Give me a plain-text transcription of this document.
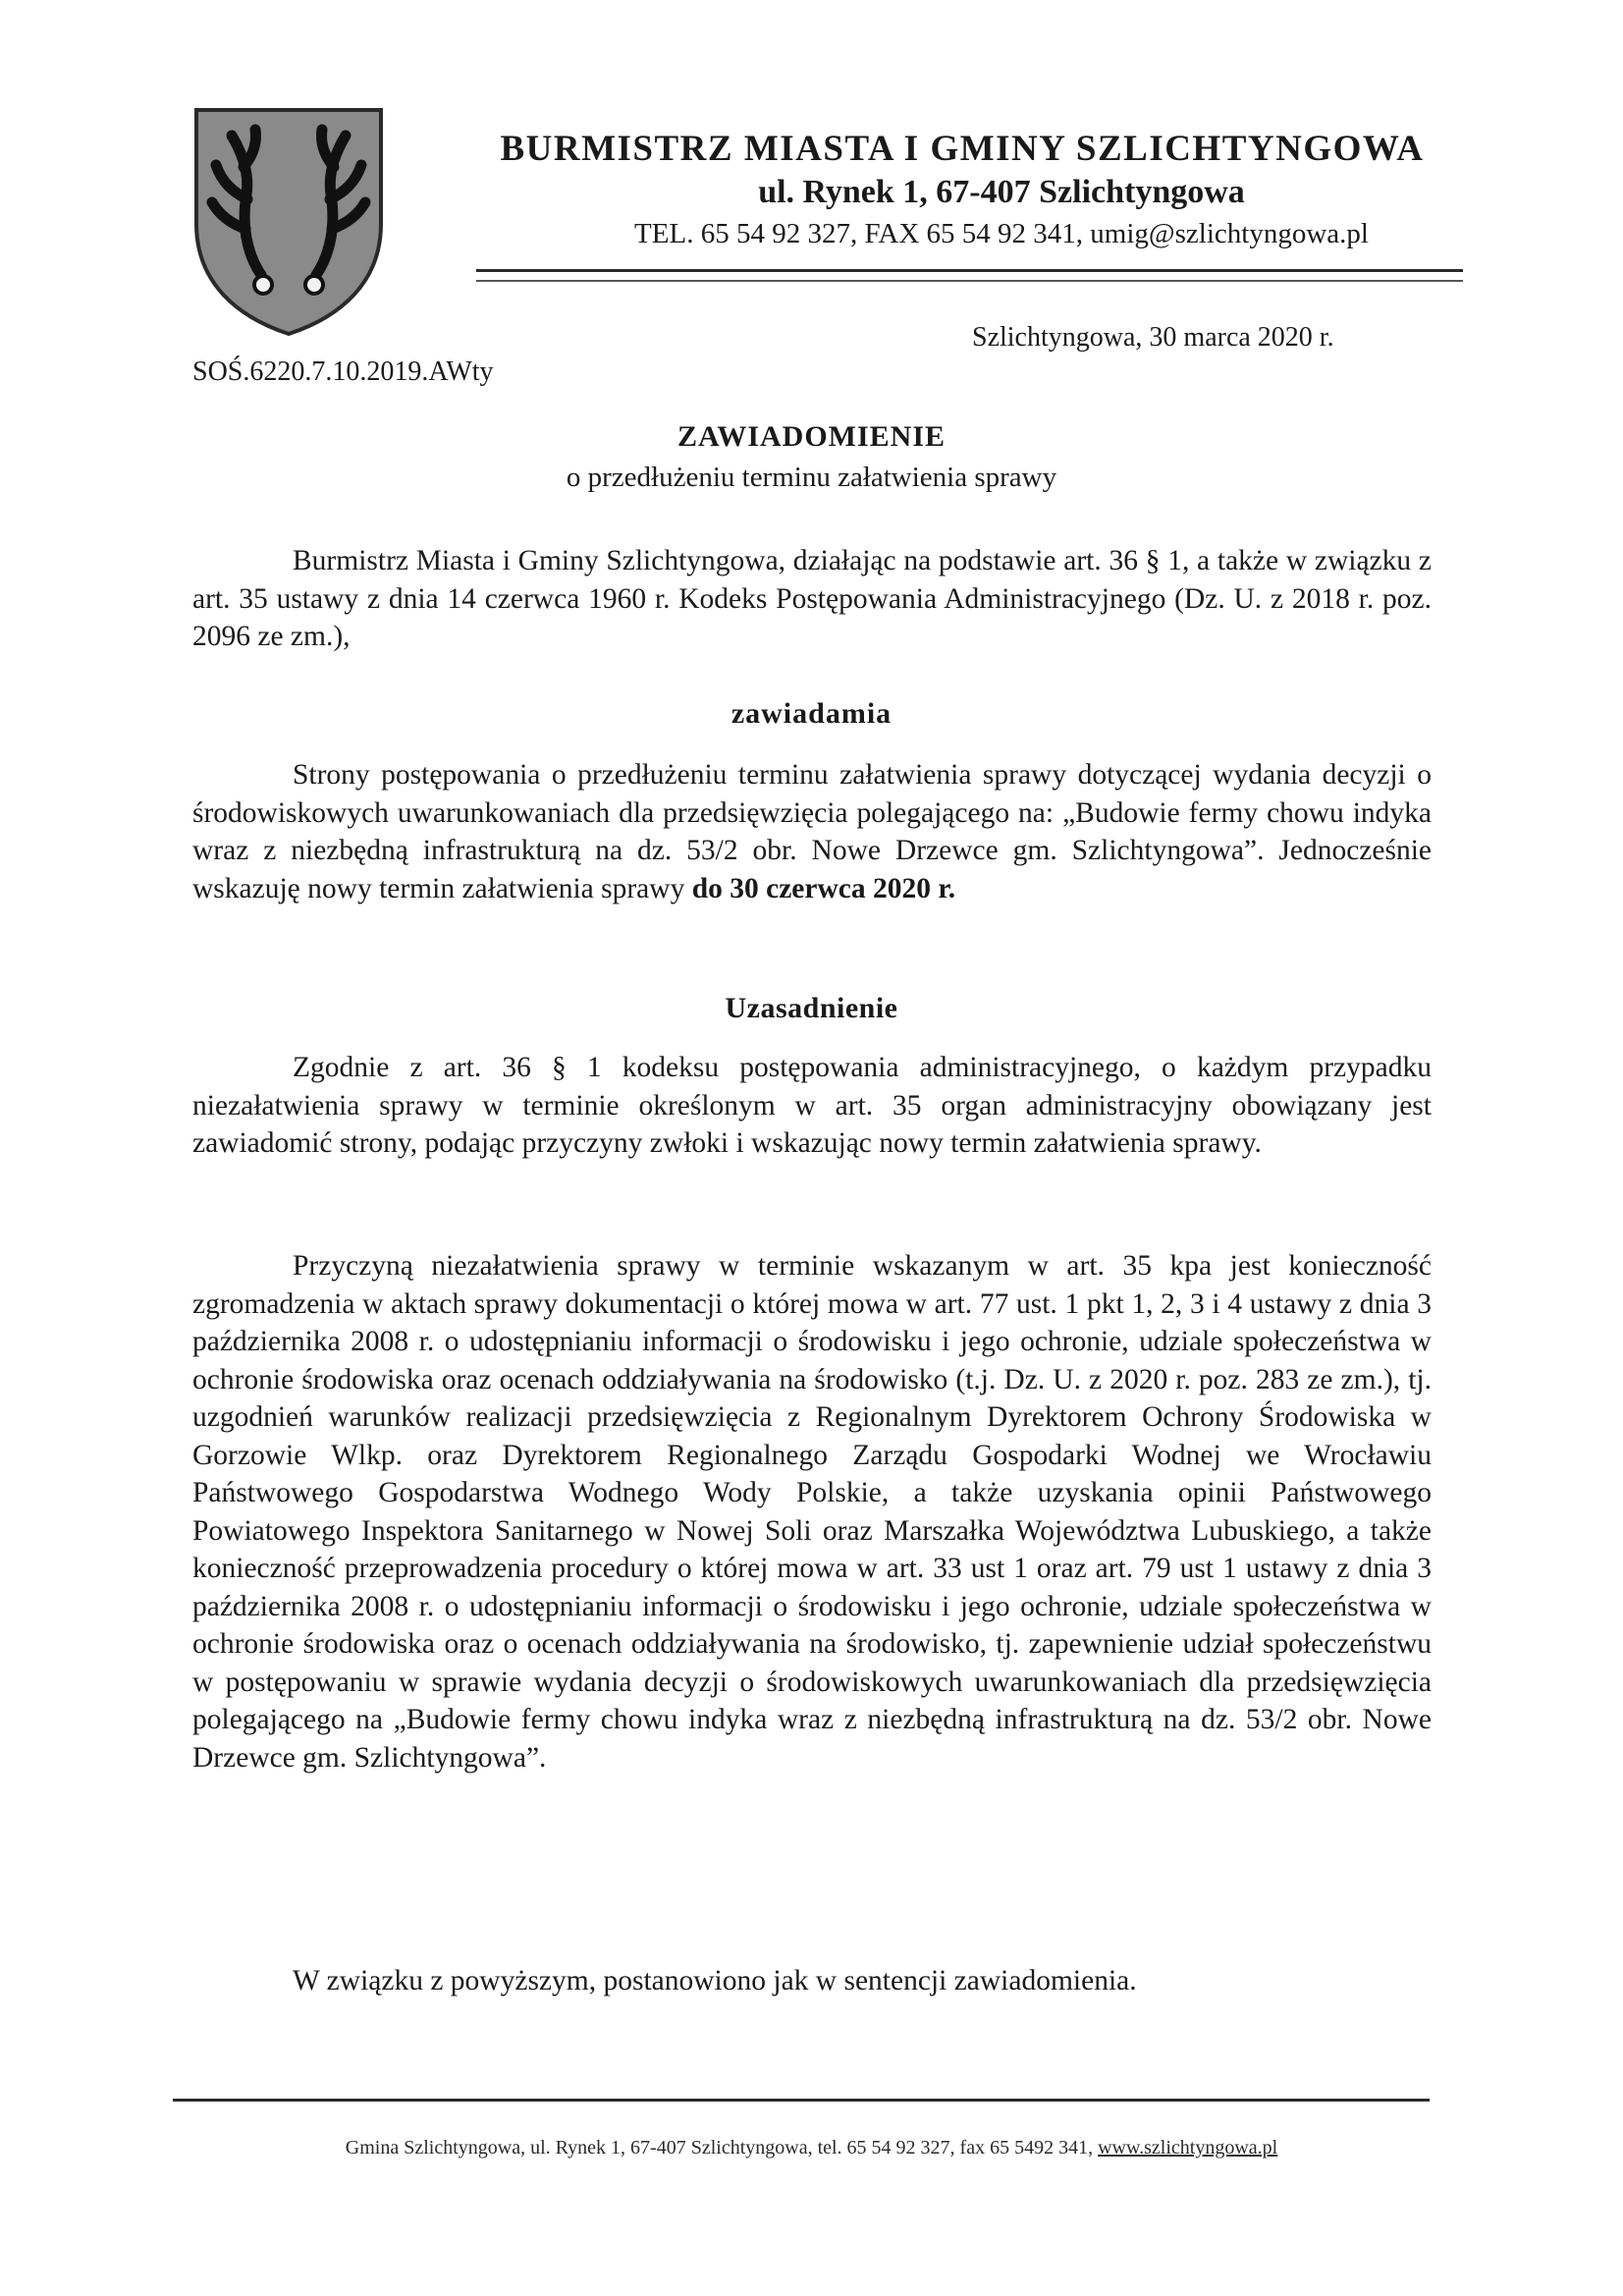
BURMISTRZ MIASTA I GMINY SZLICHTYNGOWA
ul. Rynek 1, 67-407 Szlichtyngowa
TEL. 65 54 92 327, FAX 65 54 92 341, umig@szlichtyngowa.pl
Szlichtyngowa, 30 marca 2020 r.
SOŚ.6220.7.10.2019.AWty
ZAWIADOMIENIE
o przedłużeniu terminu załatwienia sprawy

Burmistrz Miasta i Gminy Szlichtyngowa, działając na podstawie art. 36 § 1, a także w związku z art. 35 ustawy z dnia 14 czerwca 1960 r. Kodeks Postępowania Administracyjnego (Dz. U. z 2018 r. poz. 2096 ze zm.),

zawiadamia

Strony postępowania o przedłużeniu terminu załatwienia sprawy dotyczącej wydania decyzji o środowiskowych uwarunkowaniach dla przedsięwzięcia polegającego na: „Budowie fermy chowu indyka wraz z niezbędną infrastrukturą na dz. 53/2 obr. Nowe Drzewce gm. Szlichtyngowa”. Jednocześnie wskazuję nowy termin załatwienia sprawy do 30 czerwca 2020 r.

Uzasadnienie

Zgodnie z art. 36 § 1 kodeksu postępowania administracyjnego, o każdym przypadku niezałatwienia sprawy w terminie określonym w art. 35 organ administracyjny obowiązany jest zawiadomić strony, podając przyczyny zwłoki i wskazując nowy termin załatwienia sprawy.

Przyczyną niezałatwienia sprawy w terminie wskazanym w art. 35 kpa jest konieczność zgromadzenia w aktach sprawy dokumentacji o której mowa w art. 77 ust. 1 pkt 1, 2, 3 i 4 ustawy z dnia 3 października 2008 r. o udostępnianiu informacji o środowisku i jego ochronie, udziale społeczeństwa w ochronie środowiska oraz ocenach oddziaływania na środowisko (t.j. Dz. U. z 2020 r. poz. 283 ze zm.), tj. uzgodnień warunków realizacji przedsięwzięcia z Regionalnym Dyrektorem Ochrony Środowiska w Gorzowie Wlkp. oraz Dyrektorem Regionalnego Zarządu Gospodarki Wodnej we Wrocławiu Państwowego Gospodarstwa Wodnego Wody Polskie, a także uzyskania opinii Państwowego Powiatowego Inspektora Sanitarnego w Nowej Soli oraz Marszałka Województwa Lubuskiego, a także konieczność przeprowadzenia procedury o której mowa w art. 33 ust 1 oraz art. 79 ust 1 ustawy z dnia 3 października 2008 r. o udostępnianiu informacji o środowisku i jego ochronie, udziale społeczeństwa w ochronie środowiska oraz o ocenach oddziaływania na środowisko, tj. zapewnienie udział społeczeństwu w postępowaniu w sprawie wydania decyzji o środowiskowych uwarunkowaniach dla przedsięwzięcia polegającego na „Budowie fermy chowu indyka wraz z niezbędną infrastrukturą na dz. 53/2 obr. Nowe Drzewce gm. Szlichtyngowa”.

W związku z powyższym, postanowiono jak w sentencji zawiadomienia.

Gmina Szlichtyngowa, ul. Rynek 1, 67-407 Szlichtyngowa, tel. 65 54 92 327, fax 65 5492 341, www.szlichtyngowa.pl
